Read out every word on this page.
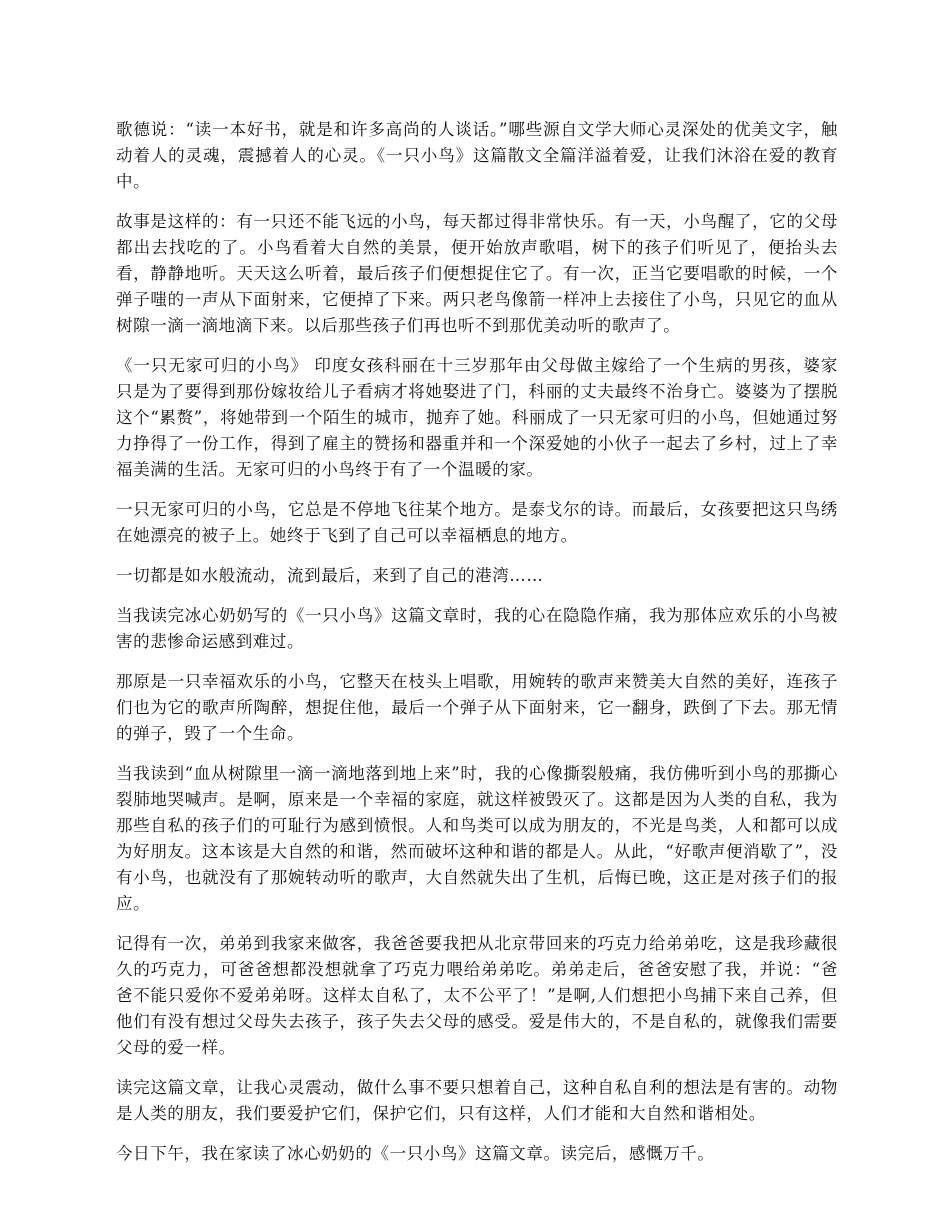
歌德说：“读一本好书，就是和许多高尚的人谈话。”哪些源自文学大师心灵深处的优美文字，触动着人的灵魂，震撼着人的心灵。《一只小鸟》这篇散文全篇洋溢着爱，让我们沐浴在爱的教育中。

故事是这样的：有一只还不能飞远的小鸟，每天都过得非常快乐。有一天，小鸟醒了，它的父母都出去找吃的了。小鸟看着大自然的美景，便开始放声歌唱，树下的孩子们听见了，便抬头去看，静静地听。天天这么听着，最后孩子们便想捉住它了。有一次，正当它要唱歌的时候，一个弹子嗤的一声从下面射来，它便掉了下来。两只老鸟像箭一样冲上去接住了小鸟，只见它的血从树隙一滴一滴地滴下来。以后那些孩子们再也听不到那优美动听的歌声了。

《一只无家可归的小鸟》 印度女孩科丽在十三岁那年由父母做主嫁给了一个生病的男孩，婆家只是为了要得到那份嫁妆给儿子看病才将她娶进了门，科丽的丈夫最终不治身亡。婆婆为了摆脱这个“累赘”，将她带到一个陌生的城市，抛弃了她。科丽成了一只无家可归的小鸟，但她通过努力挣得了一份工作，得到了雇主的赞扬和器重并和一个深爱她的小伙子一起去了乡村，过上了幸福美满的生活。无家可归的小鸟终于有了一个温暖的家。

一只无家可归的小鸟，它总是不停地飞往某个地方。是泰戈尔的诗。而最后，女孩要把这只鸟绣在她漂亮的被子上。她终于飞到了自己可以幸福栖息的地方。

一切都是如水般流动，流到最后，来到了自己的港湾……

当我读完冰心奶奶写的《一只小鸟》这篇文章时，我的心在隐隐作痛，我为那体应欢乐的小鸟被害的悲惨命运感到难过。

那原是一只幸福欢乐的小鸟，它整天在枝头上唱歌，用婉转的歌声来赞美大自然的美好，连孩子们也为它的歌声所陶醉，想捉住他，最后一个弹子从下面射来，它一翻身，跌倒了下去。那无情的弹子，毁了一个生命。

当我读到“血从树隙里一滴一滴地落到地上来”时，我的心像撕裂般痛，我仿佛听到小鸟的那撕心裂肺地哭喊声。是啊，原来是一个幸福的家庭，就这样被毁灭了。这都是因为人类的自私，我为那些自私的孩子们的可耻行为感到愤恨。人和鸟类可以成为朋友的，不光是鸟类，人和都可以成为好朋友。这本该是大自然的和谐，然而破坏这种和谐的都是人。从此，“好歌声便消歇了”，没有小鸟，也就没有了那婉转动听的歌声，大自然就失出了生机，后悔已晚，这正是对孩子们的报应。

记得有一次，弟弟到我家来做客，我爸爸要我把从北京带回来的巧克力给弟弟吃，这是我珍藏很久的巧克力，可爸爸想都没想就拿了巧克力喂给弟弟吃。弟弟走后，爸爸安慰了我，并说：“爸爸不能只爱你不爱弟弟呀。这样太自私了，太不公平了！”是啊,人们想把小鸟捕下来自己养，但他们有没有想过父母失去孩子，孩子失去父母的感受。爱是伟大的，不是自私的，就像我们需要父母的爱一样。

读完这篇文章，让我心灵震动，做什么事不要只想着自己，这种自私自利的想法是有害的。动物是人类的朋友，我们要爱护它们，保护它们，只有这样，人们才能和大自然和谐相处。

今日下午，我在家读了冰心奶奶的《一只小鸟》这篇文章。读完后，感慨万千。
